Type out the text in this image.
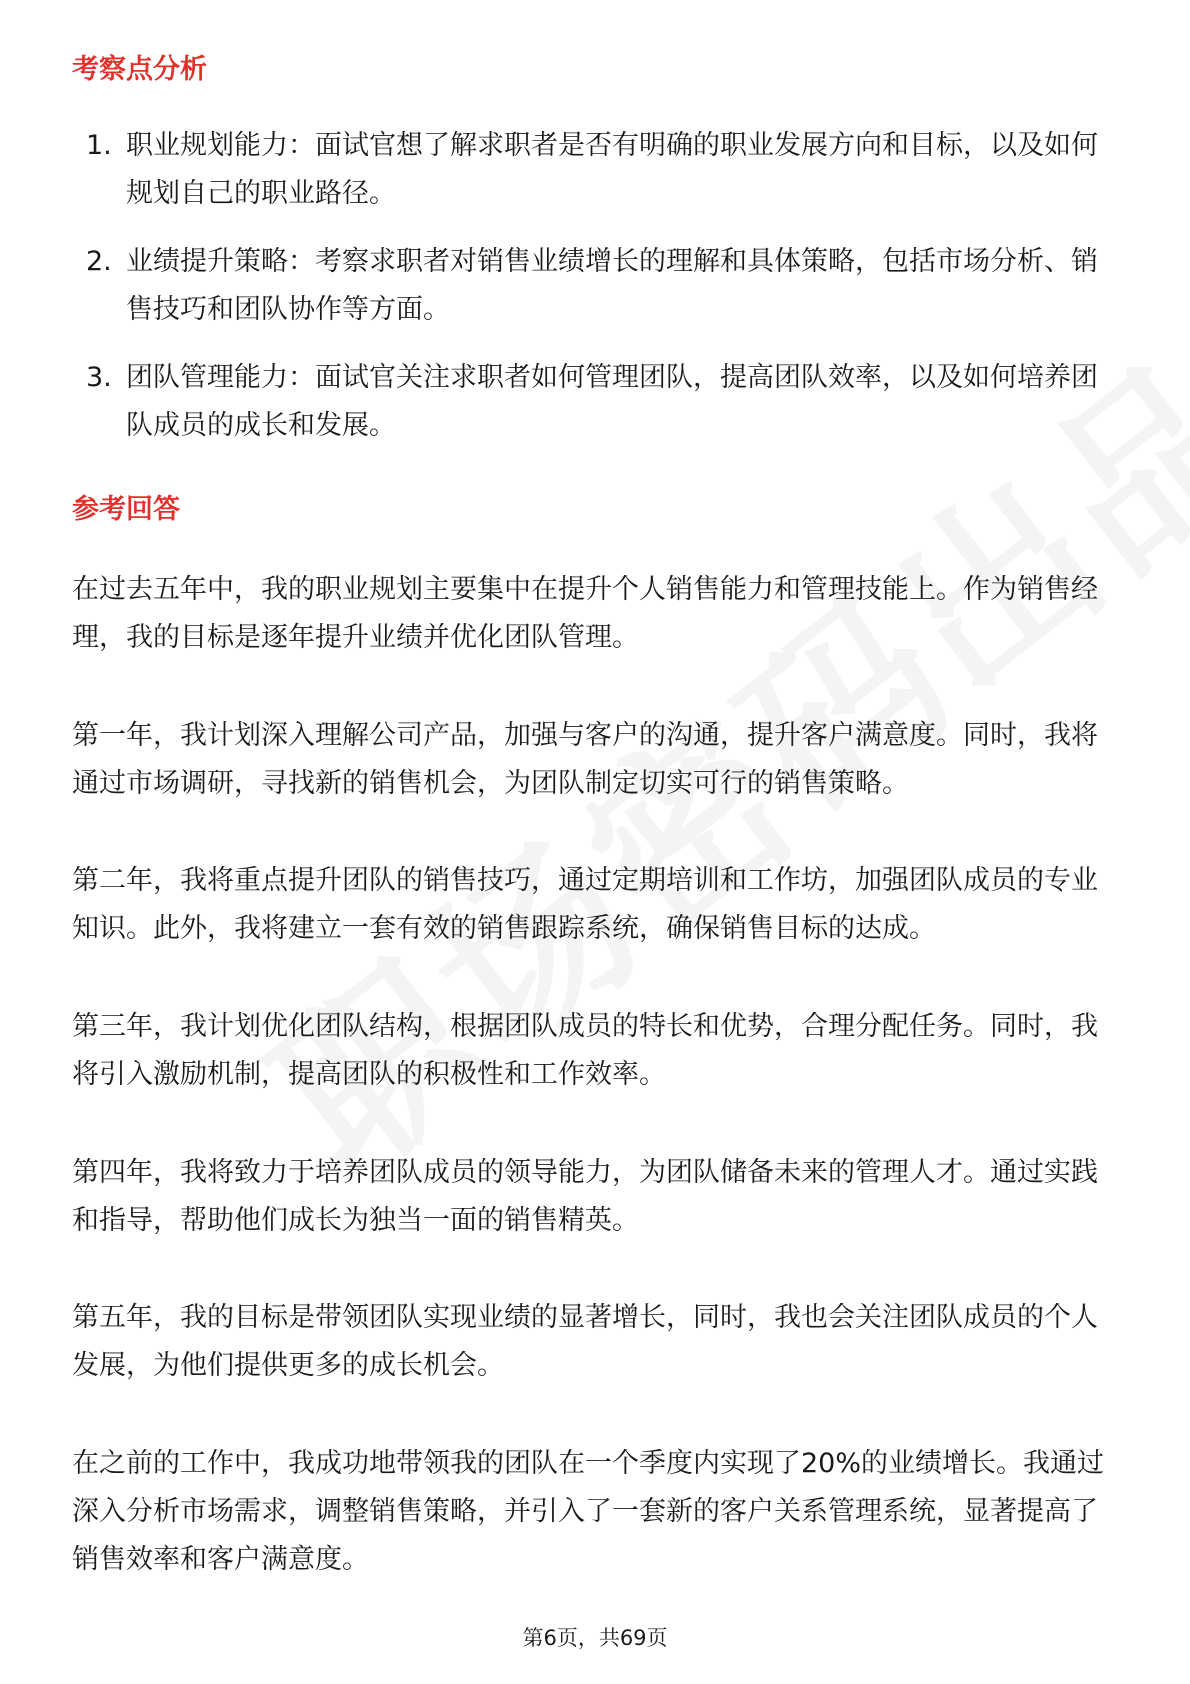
考察点分析
1. 职业规划能力：面试官想了解求职者是否有明确的职业发展方向和目标，以及如何规划自己的职业路径。
2. 业绩提升策略：考察求职者对销售业绩增长的理解和具体策略，包括市场分析、销售技巧和团队协作等方面。
3. 团队管理能力：面试官关注求职者如何管理团队，提高团队效率，以及如何培养团队成员的成长和发展。
参考回答

在过去五年中，我的职业规划主要集中在提升个人销售能力和管理技能上。作为销售经理，我的目标是逐年提升业绩并优化团队管理。

第一年，我计划深入理解公司产品，加强与客户的沟通，提升客户满意度。同时，我将通过市场调研，寻找新的销售机会，为团队制定切实可行的销售策略。

第二年，我将重点提升团队的销售技巧，通过定期培训和工作坊，加强团队成员的专业知识。此外，我将建立一套有效的销售跟踪系统，确保销售目标的达成。

第三年，我计划优化团队结构，根据团队成员的特长和优势，合理分配任务。同时，我将引入激励机制，提高团队的积极性和工作效率。

第四年，我将致力于培养团队成员的领导能力，为团队储备未来的管理人才。通过实践和指导，帮助他们成长为独当一面的销售精英。

第五年，我的目标是带领团队实现业绩的显著增长，同时，我也会关注团队成员的个人发展，为他们提供更多的成长机会。

在之前的工作中，我成功地带领我的团队在一个季度内实现了20%的业绩增长。我通过深入分析市场需求，调整销售策略，并引入了一套新的客户关系管理系统，显著提高了销售效率和客户满意度。

第6页，共69页
